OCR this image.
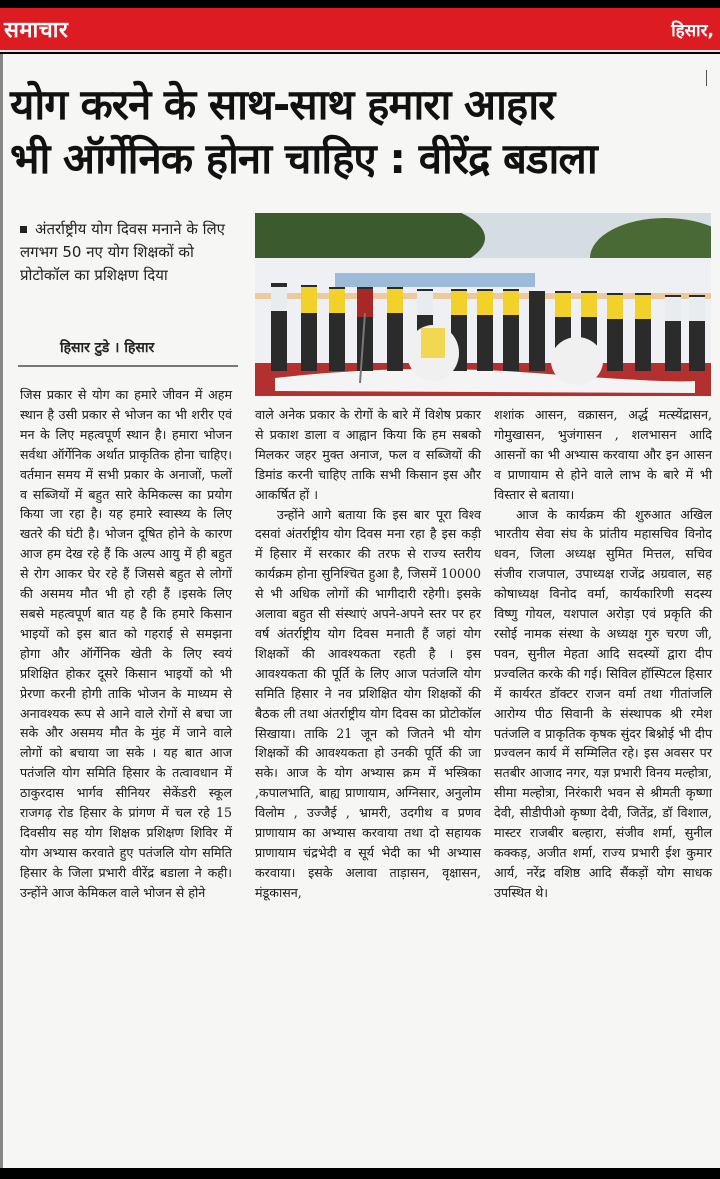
समाचार	हिसार,
योग करने के साथ-साथ हमारा आहार
भी ऑर्गेनिक होना चाहिए : वीरेंद्र बडाला
अंतर्राष्ट्रीय योग दिवस मनाने के लिए लगभग 50 नए योग शिक्षकों को प्रोटोकॉल का प्रशिक्षण दिया
हिसार टुडे । हिसार

जिस प्रकार से योग का हमारे जीवन में अहम स्थान है उसी प्रकार से भोजन का भी शरीर एवं मन के लिए महत्वपूर्ण स्थान है। हमारा भोजन सर्वथा ऑर्गेनिक अर्थात प्राकृतिक होना चाहिए। वर्तमान समय में सभी प्रकार के अनाजों, फलों व सब्जियों में बहुत सारे केमिकल्स का प्रयोग किया जा रहा है। यह हमारे स्वास्थ्य के लिए खतरे की घंटी है। भोजन दूषित होने के कारण आज हम देख रहे हैं कि अल्प आयु में ही बहुत से रोग आकर घेर रहे हैं जिससे बहुत से लोगों की असमय मौत भी हो रही हैं ।इसके लिए सबसे महत्वपूर्ण बात यह है कि हमारे किसान भाइयों को इस बात को गहराई से समझना होगा और ऑर्गेनिक खेती के लिए स्वयं प्रशिक्षित होकर दूसरे किसान भाइयों को भी प्रेरणा करनी होगी ताकि भोजन के माध्यम से अनावश्यक रूप से आने वाले रोगों से बचा जा सके और असमय मौत के मुंह में जाने वाले लोगों को बचाया जा सके । यह बात आज पतंजलि योग समिति हिसार के तत्वावधान में ठाकुरदास भार्गव सीनियर सेकेंडरी स्कूल राजगढ़ रोड हिसार के प्रांगण में चल रहे 15 दिवसीय सह योग शिक्षक प्रशिक्षण शिविर में योग अभ्यास करवाते हुए पतंजलि योग समिति हिसार के जिला प्रभारी वीरेंद्र बडाला ने कही। उन्होंने आज केमिकल वाले भोजन से होने

वाले अनेक प्रकार के रोगों के बारे में विशेष प्रकार से प्रकाश डाला व आह्वान किया कि हम सबको मिलकर जहर मुक्त अनाज, फल व सब्जियों की डिमांड करनी चाहिए ताकि सभी किसान इस और आकर्षित हों ।

उन्होंने आगे बताया कि इस बार पूरा विश्व दसवां अंतर्राष्ट्रीय योग दिवस मना रहा है इस कड़ी में हिसार में सरकार की तरफ से राज्य स्तरीय कार्यक्रम होना सुनिश्चित हुआ है, जिसमें 10000 से भी अधिक लोगों की भागीदारी रहेगी। इसके अलावा बहुत सी संस्थाएं अपने-अपने स्तर पर हर वर्ष अंतर्राष्ट्रीय योग दिवस मनाती हैं जहां योग शिक्षकों की आवश्यकता रहती है । इस आवश्यकता की पूर्ति के लिए आज पतंजलि योग समिति हिसार ने नव प्रशिक्षित योग शिक्षकों की बैठक ली तथा अंतर्राष्ट्रीय योग दिवस का प्रोटोकॉल सिखाया। ताकि 21 जून को जितने भी योग शिक्षकों की आवश्यकता हो उनकी पूर्ति की जा सके। आज के योग अभ्यास क्रम में भस्त्रिका ,कपालभाति, बाह्य प्राणायाम, अग्निसार, अनुलोम विलोम , उज्जैई , भ्रामरी, उदगीथ व प्रणव प्राणायाम का अभ्यास करवाया तथा दो सहायक प्राणायाम चंद्रभेदी व सूर्य भेदी का भी अभ्यास करवाया। इसके अलावा ताड़ासन, वृक्षासन, मंडूकासन,

शशांक आसन, वक्रासन, अर्द्ध मत्स्येंद्रासन, गोमुखासन, भुजंगासन , शलभासन आदि आसनों का भी अभ्यास करवाया और इन आसन व प्राणायाम से होने वाले लाभ के बारे में भी विस्तार से बताया।

आज के कार्यक्रम की शुरुआत अखिल भारतीय सेवा संघ के प्रांतीय महासचिव विनोद धवन, जिला अध्यक्ष सुमित मित्तल, सचिव संजीव राजपाल, उपाध्यक्ष राजेंद्र अग्रवाल, सह कोषाध्यक्ष विनोद वर्मा, कार्यकारिणी सदस्य विष्णु गोयल, यशपाल अरोड़ा एवं प्रकृति की रसोई नामक संस्था के अध्यक्ष गुरु चरण जी, पवन, सुनील मेहता आदि सदस्यों द्वारा दीप प्रज्वलित करके की गई। सिविल हॉस्पिटल हिसार में कार्यरत डॉक्टर राजन वर्मा तथा गीतांजलि आरोग्य पीठ सिवानी के संस्थापक श्री रमेश पतंजलि व प्राकृतिक कृषक सुंदर बिश्नोई भी दीप प्रज्वलन कार्य में सम्मिलित रहे। इस अवसर पर सतबीर आजाद नगर, यज्ञ प्रभारी विनय मल्होत्रा, सीमा मल्होत्रा, निरंकारी भवन से श्रीमती कृष्णा देवी, सीडीपीओ कृष्णा देवी, जितेंद्र, डॉ विशाल, मास्टर राजबीर बल्हारा, संजीव शर्मा, सुनील कक्कड़, अजीत शर्मा, राज्य प्रभारी ईश कुमार आर्य, नरेंद्र वशिष्ठ आदि सैंकड़ों योग साधक उपस्थित थे।
